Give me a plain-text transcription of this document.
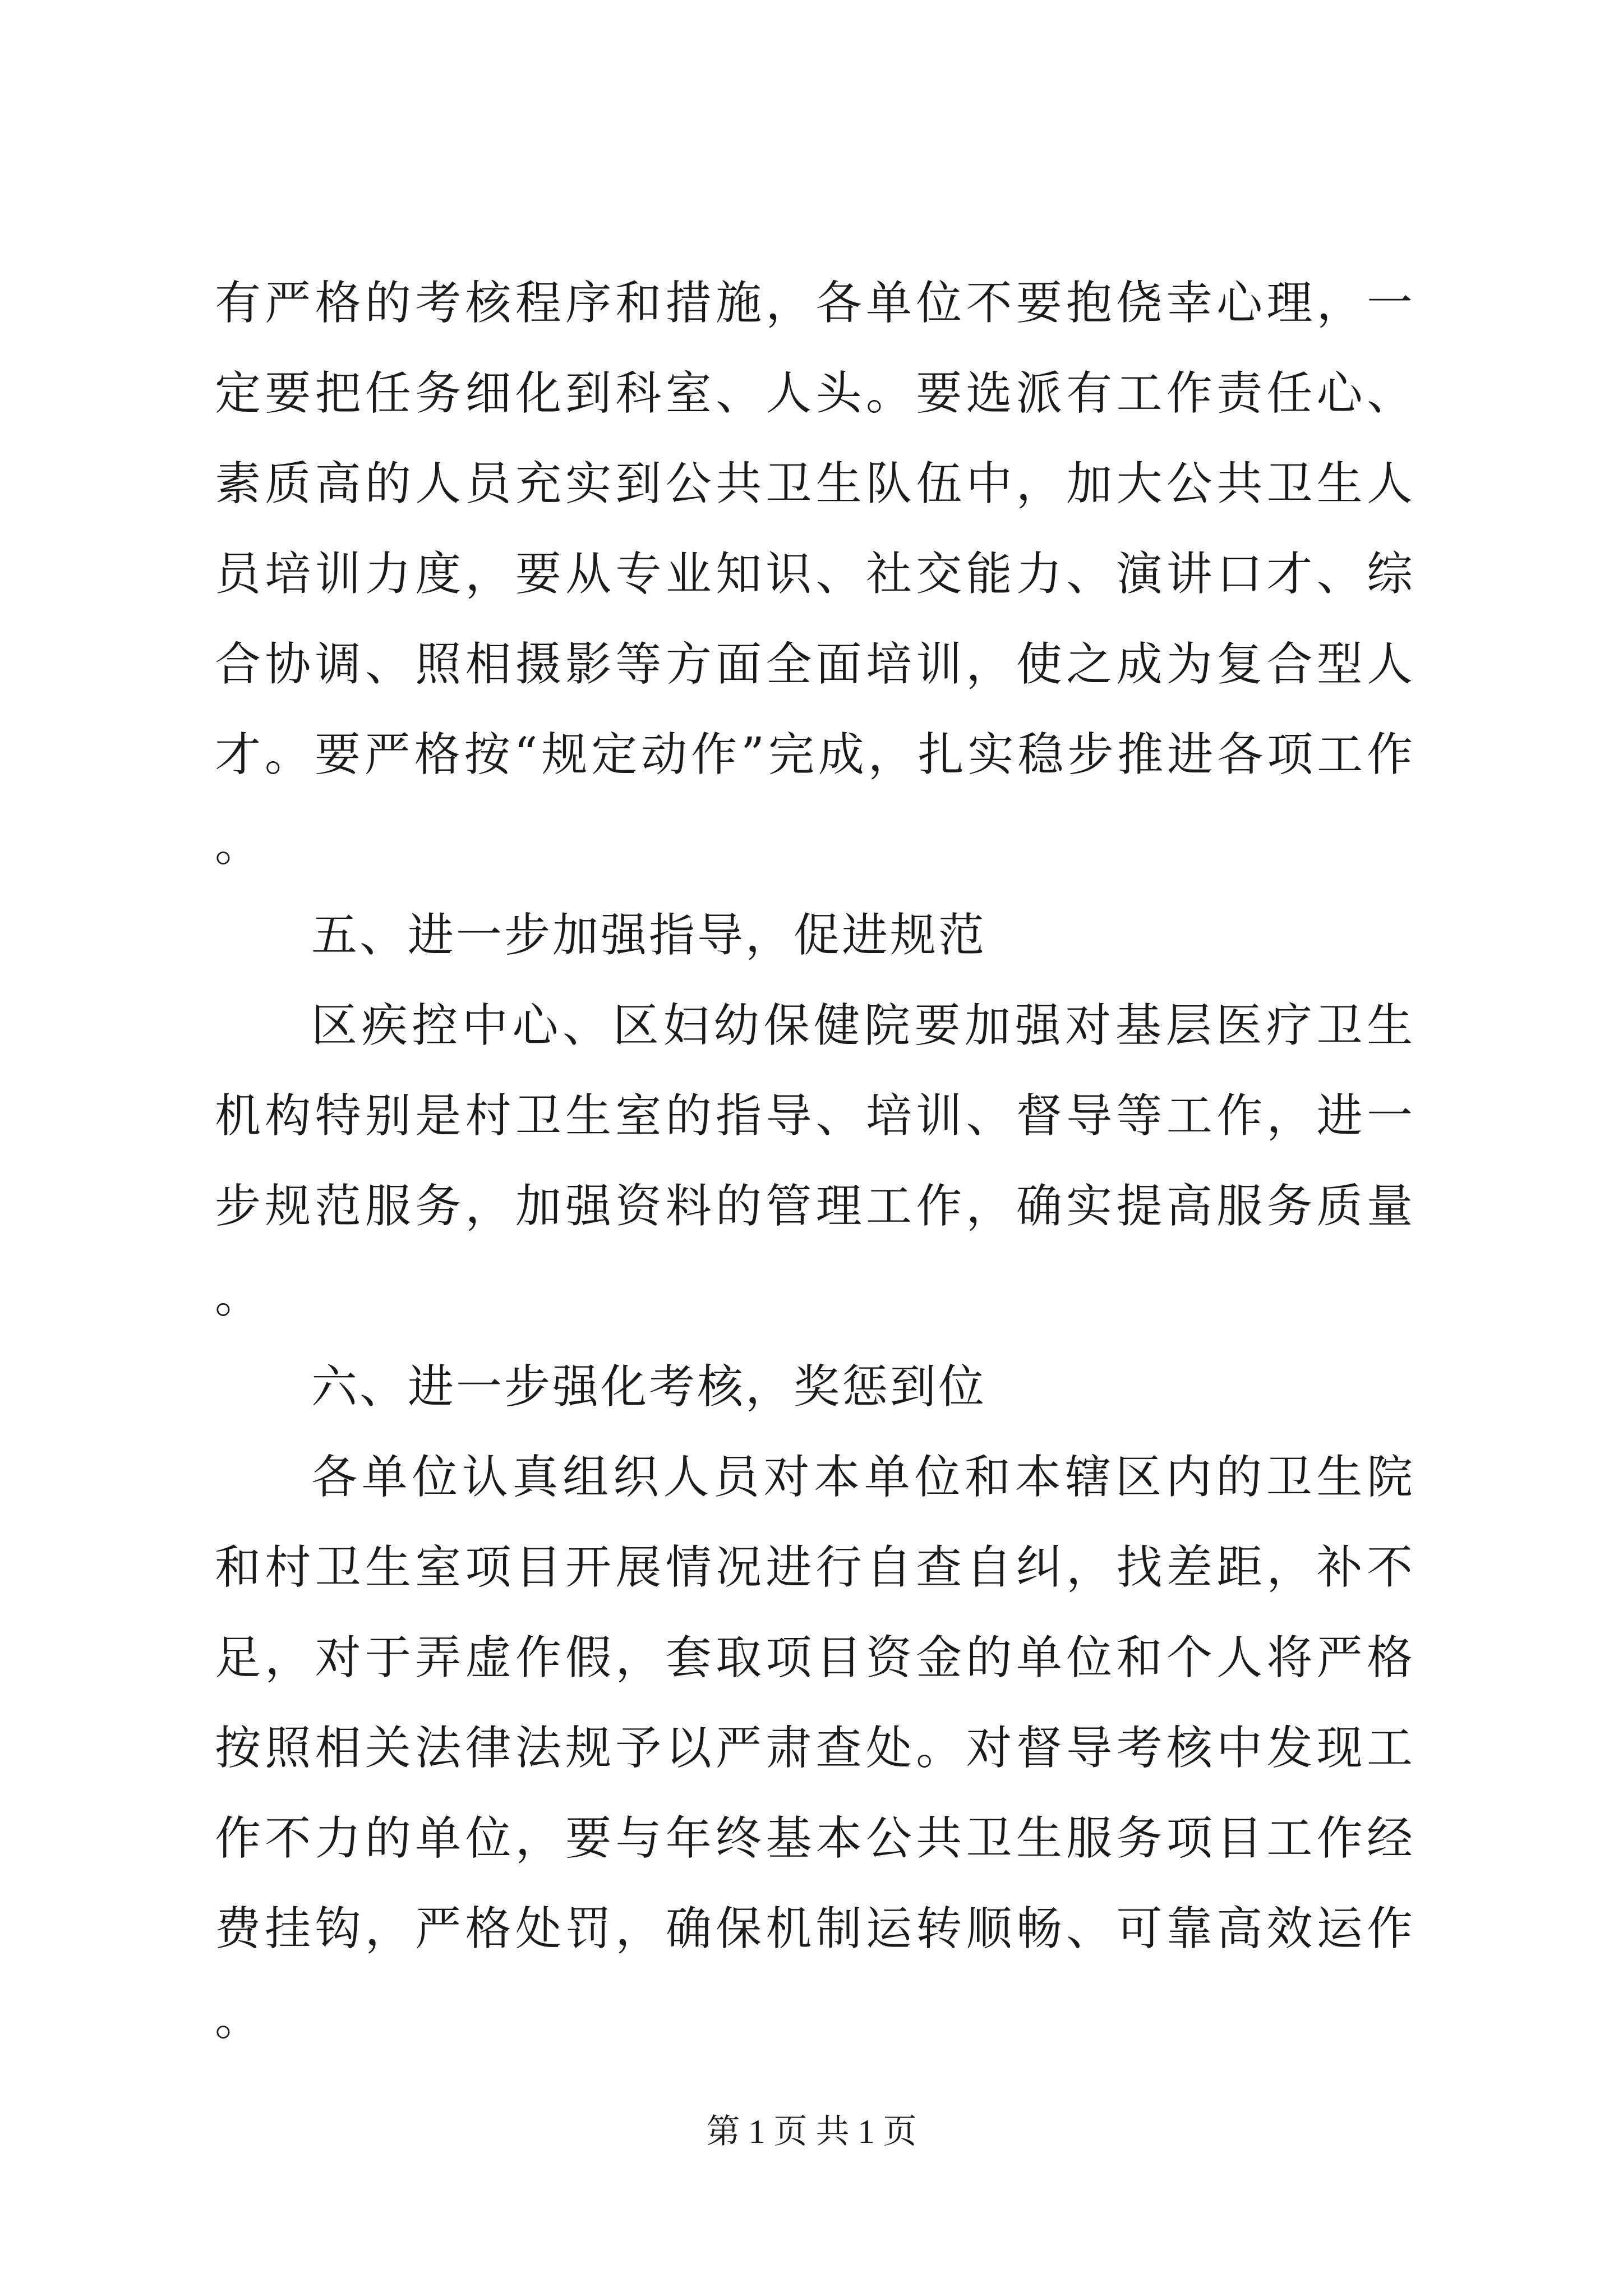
有严格的考核程序和措施，各单位不要抱侥幸心理，一定要把任务细化到科室、人头。要选派有工作责任心、素质高的人员充实到公共卫生队伍中，加大公共卫生人员培训力度，要从专业知识、社交能力、演讲口才、综合协调、照相摄影等方面全面培训，使之成为复合型人才。要严格按“规定动作”完成，扎实稳步推进各项工作。

五、进一步加强指导，促进规范

区疾控中心、区妇幼保健院要加强对基层医疗卫生机构特别是村卫生室的指导、培训、督导等工作，进一步规范服务，加强资料的管理工作，确实提高服务质量。

六、进一步强化考核，奖惩到位

各单位认真组织人员对本单位和本辖区内的卫生院和村卫生室项目开展情况进行自查自纠，找差距，补不足，对于弄虚作假，套取项目资金的单位和个人将严格按照相关法律法规予以严肃查处。对督导考核中发现工作不力的单位，要与年终基本公共卫生服务项目工作经费挂钩，严格处罚，确保机制运转顺畅、可靠高效运作。

第 1 页 共 1 页
